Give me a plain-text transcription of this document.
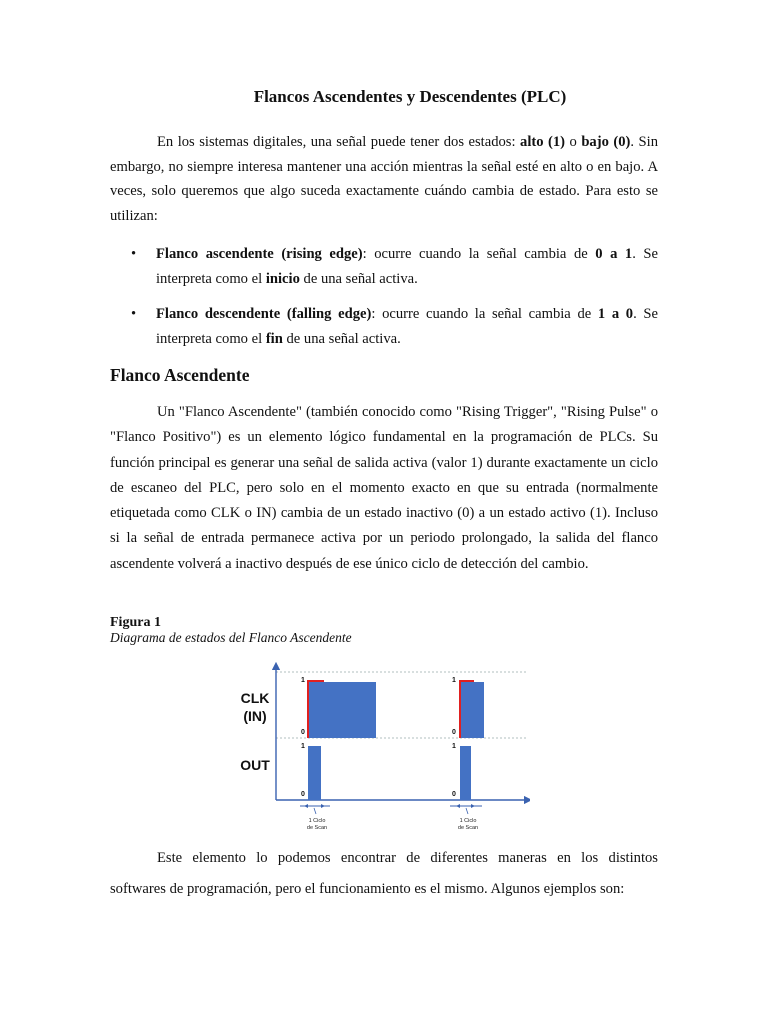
Flancos Ascendentes y Descendentes (PLC)
En los sistemas digitales, una señal puede tener dos estados: alto (1) o bajo (0). Sin embargo, no siempre interesa mantener una acción mientras la señal esté en alto o en bajo. A veces, solo queremos que algo suceda exactamente cuándo cambia de estado. Para esto se utilizan:
• Flanco ascendente (rising edge): ocurre cuando la señal cambia de 0 a 1. Se interpreta como el inicio de una señal activa.
• Flanco descendente (falling edge): ocurre cuando la señal cambia de 1 a 0. Se interpreta como el fin de una señal activa.
Flanco Ascendente
Un "Flanco Ascendente" (también conocido como "Rising Trigger", "Rising Pulse" o "Flanco Positivo") es un elemento lógico fundamental en la programación de PLCs. Su función principal es generar una señal de salida activa (valor 1) durante exactamente un ciclo de escaneo del PLC, pero solo en el momento exacto en que su entrada (normalmente etiquetada como CLK o IN) cambia de un estado inactivo (0) a un estado activo (1). Incluso si la señal de entrada permanece activa por un periodo prolongado, la salida del flanco ascendente volverá a inactivo después de ese único ciclo de detección del cambio.
Figura 1
Diagrama de estados del Flanco Ascendente
1
0
1
0
1
0
1
0
CLK
(IN)
OUT
1 Ciclo
de Scan
1 Ciclo
de Scan
Este elemento lo podemos encontrar de diferentes maneras en los distintos
softwares de programación, pero el funcionamiento es el mismo. Algunos ejemplos son:
